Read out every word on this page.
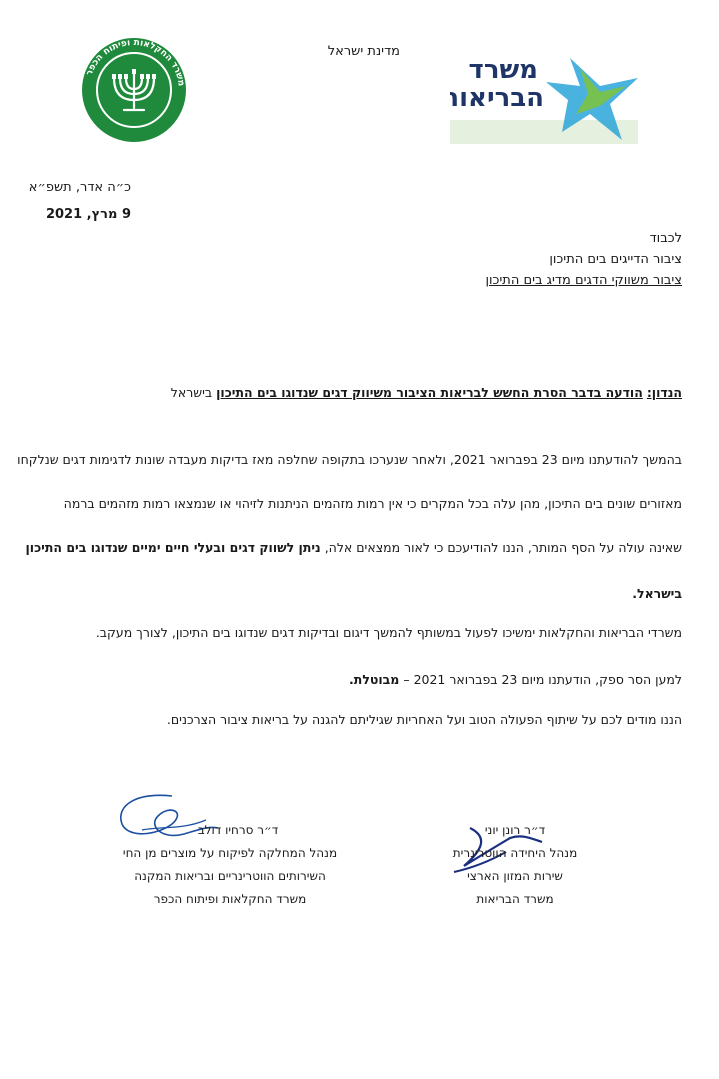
משרד החקלאות ופיתוח הכפר
מדינת ישראל
משרד
הבריאות
כ״ה אדר, תשפ״א
9 מרץ, 2021
לכבוד
ציבור הדייגים בים התיכון
ציבור משווקי הדגים מדיג בים התיכון
הנדון: הודעה בדבר הסרת החשש לבריאות הציבור משיווק דגים שנדוגו בים התיכון בישראל
בהמשך להודעתנו מיום 23 בפברואר 2021, ולאחר שנערכו בתקופה שחלפה מאז בדיקות מעבדה שונות לדגימות דגים שנלקחו
מאזורים שונים בים התיכון, מהן עלה בכל המקרים כי אין רמות מזהמים הניתנות לזיהוי או שנמצאו רמות מזהמים ברמה
שאינה עולה על הסף המותר, הננו להודיעכם כי לאור ממצאים אלה, ניתן לשווק דגים ובעלי חיים ימיים שנדוגו בים התיכון
בישראל.
משרדי הבריאות והחקלאות ימשיכו לפעול במשותף להמשך דיגום ובדיקות דגים שנדוגו בים התיכון, לצורך מעקב.
למען הסר ספק, הודעתנו מיום 23 בפברואר 2021 – מבוטלת.
הננו מודים לכם על שיתוף הפעולה הטוב ועל האחריות שגיליתם להגנה על בריאות ציבור הצרכנים.
ד״ר סרחיו דולב
מנהל המחלקה לפיקוח על מוצרים מן החי
השירותים הווטרינריים ובריאות המקנה
משרד החקלאות ופיתוח הכפר
ד״ר רונן יוני
מנהל היחידה הווטרינרית
שירות המזון הארצי
משרד הבריאות
